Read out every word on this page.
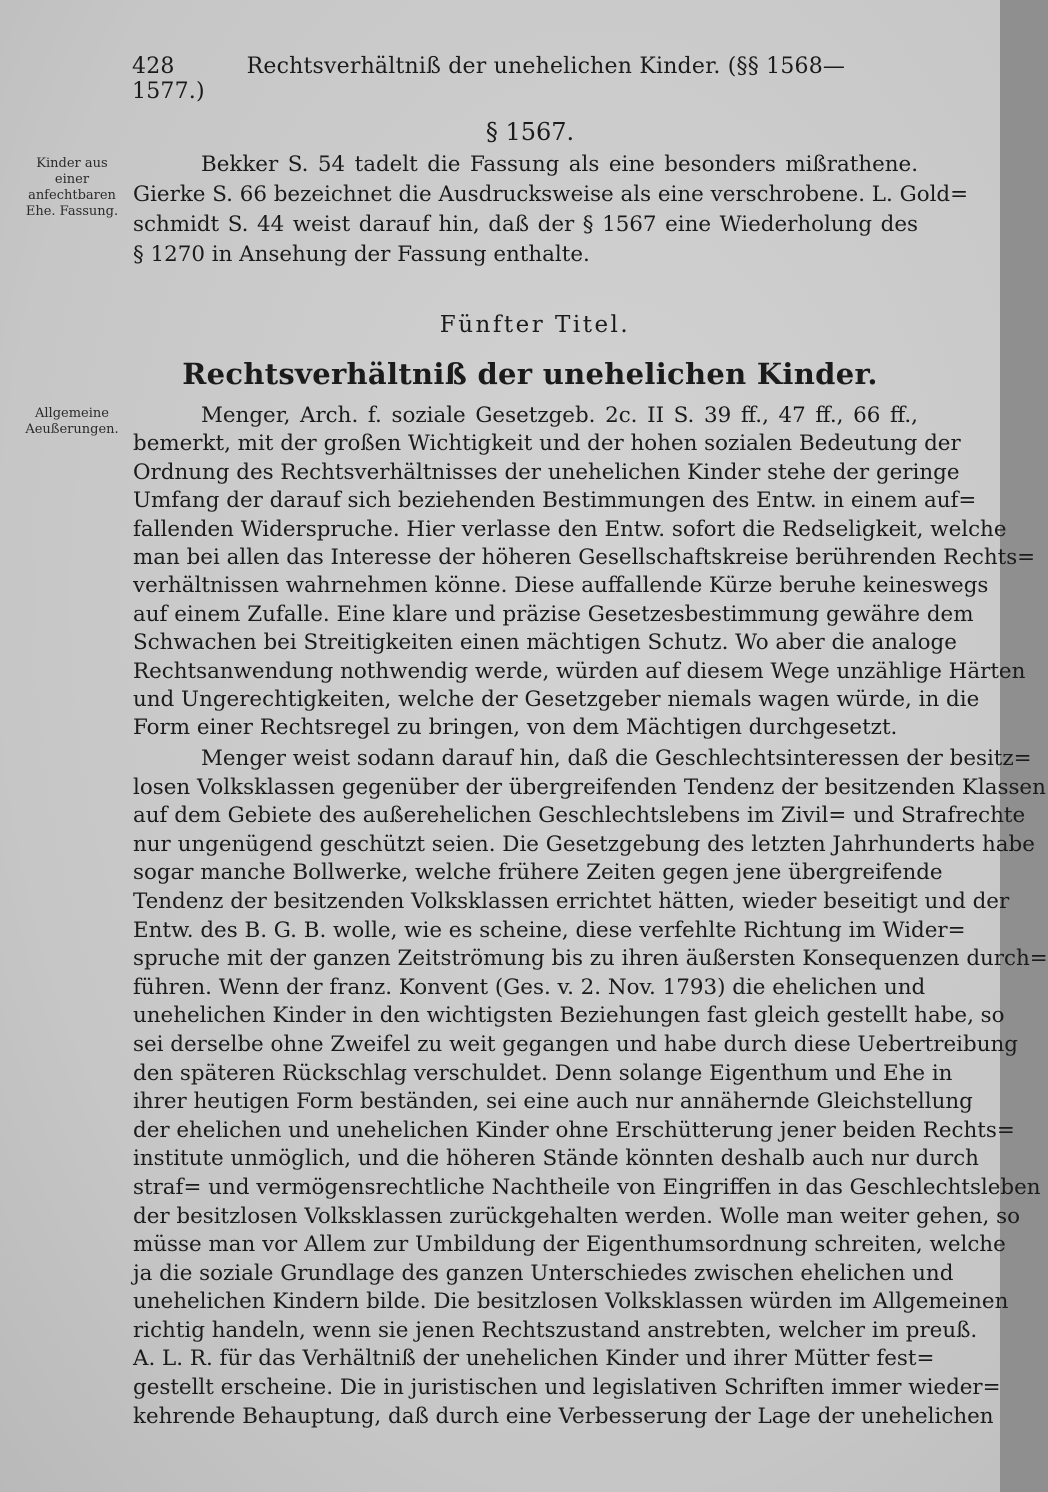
428	Rechtsverhältniß der unehelichen Kinder. (§§ 1568—1577.)
Kinder aus einer anfechtbaren Ehe. Fassung.
Allgemeine Aeußerungen.
§ 1567.
Bekker S. 54 tadelt die Fassung als eine besonders mißrathene.
Gierke S. 66 bezeichnet die Ausdrucksweise als eine verschrobene. L. Gold=
schmidt S. 44 weist darauf hin, daß der § 1567 eine Wiederholung des
§ 1270 in Ansehung der Fassung enthalte.
Fünfter Titel.
Rechtsverhältniß der unehelichen Kinder.
Menger, Arch. f. soziale Gesetzgeb. 2c. II S. 39 ff., 47 ff., 66 ff.,
bemerkt, mit der großen Wichtigkeit und der hohen sozialen Bedeutung der
Ordnung des Rechtsverhältnisses der unehelichen Kinder stehe der geringe
Umfang der darauf sich beziehenden Bestimmungen des Entw. in einem auf=
fallenden Widerspruche. Hier verlasse den Entw. sofort die Redseligkeit, welche
man bei allen das Interesse der höheren Gesellschaftskreise berührenden Rechts=
verhältnissen wahrnehmen könne. Diese auffallende Kürze beruhe keineswegs
auf einem Zufalle. Eine klare und präzise Gesetzesbestimmung gewähre dem
Schwachen bei Streitigkeiten einen mächtigen Schutz. Wo aber die analoge
Rechtsanwendung nothwendig werde, würden auf diesem Wege unzählige Härten
und Ungerechtigkeiten, welche der Gesetzgeber niemals wagen würde, in die
Form einer Rechtsregel zu bringen, von dem Mächtigen durchgesetzt.
Menger weist sodann darauf hin, daß die Geschlechtsinteressen der besitz=
losen Volksklassen gegenüber der übergreifenden Tendenz der besitzenden Klassen
auf dem Gebiete des außerehelichen Geschlechtslebens im Zivil= und Strafrechte
nur ungenügend geschützt seien. Die Gesetzgebung des letzten Jahrhunderts habe
sogar manche Bollwerke, welche frühere Zeiten gegen jene übergreifende
Tendenz der besitzenden Volksklassen errichtet hätten, wieder beseitigt und der
Entw. des B. G. B. wolle, wie es scheine, diese verfehlte Richtung im Wider=
spruche mit der ganzen Zeitströmung bis zu ihren äußersten Konsequenzen durch=
führen. Wenn der franz. Konvent (Ges. v. 2. Nov. 1793) die ehelichen und
unehelichen Kinder in den wichtigsten Beziehungen fast gleich gestellt habe, so
sei derselbe ohne Zweifel zu weit gegangen und habe durch diese Uebertreibung
den späteren Rückschlag verschuldet. Denn solange Eigenthum und Ehe in
ihrer heutigen Form beständen, sei eine auch nur annähernde Gleichstellung
der ehelichen und unehelichen Kinder ohne Erschütterung jener beiden Rechts=
institute unmöglich, und die höheren Stände könnten deshalb auch nur durch
straf= und vermögensrechtliche Nachtheile von Eingriffen in das Geschlechtsleben
der besitzlosen Volksklassen zurückgehalten werden. Wolle man weiter gehen, so
müsse man vor Allem zur Umbildung der Eigenthumsordnung schreiten, welche
ja die soziale Grundlage des ganzen Unterschiedes zwischen ehelichen und
unehelichen Kindern bilde. Die besitzlosen Volksklassen würden im Allgemeinen
richtig handeln, wenn sie jenen Rechtszustand anstrebten, welcher im preuß.
A. L. R. für das Verhältniß der unehelichen Kinder und ihrer Mütter fest=
gestellt erscheine. Die in juristischen und legislativen Schriften immer wieder=
kehrende Behauptung, daß durch eine Verbesserung der Lage der unehelichen
